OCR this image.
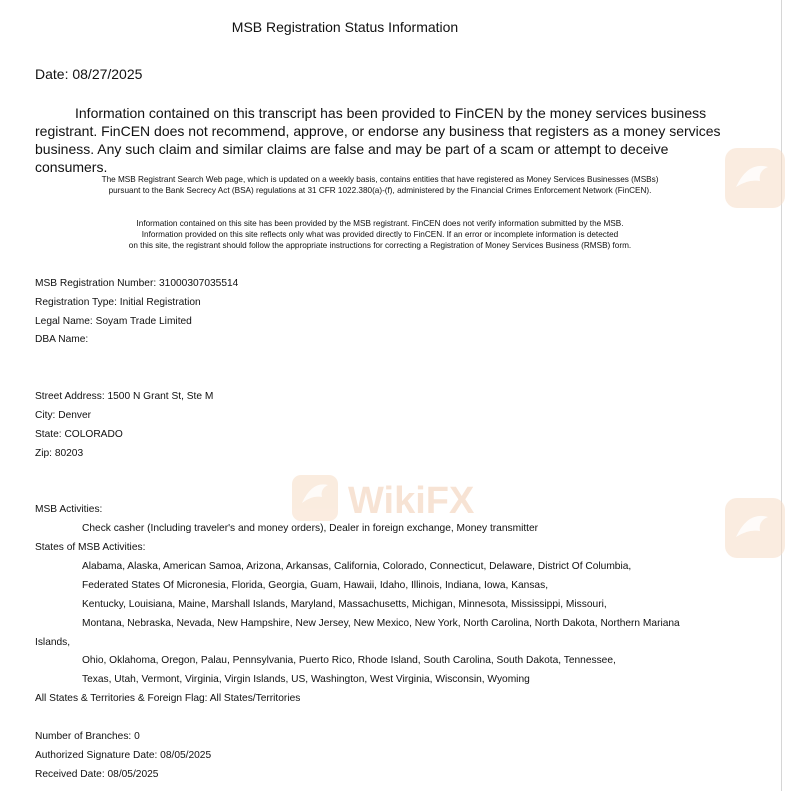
WikiFX
MSB Registration Status Information
Date: 08/27/2025

Information contained on this transcript has been provided to FinCEN by the money services business registrant. FinCEN does not recommend, approve, or endorse any business that registers as a money services business. Any such claim and similar claims are false and may be part of a scam or attempt to deceive consumers.

The MSB Registrant Search Web page, which is updated on a weekly basis, contains entities that have registered as Money Services Businesses (MSBs)
pursuant to the Bank Secrecy Act (BSA) regulations at 31 CFR 1022.380(a)-(f), administered by the Financial Crimes Enforcement Network (FinCEN).
Information contained on this site has been provided by the MSB registrant. FinCEN does not verify information submitted by the MSB.
Information provided on this site reflects only what was provided directly to FinCEN. If an error or incomplete information is detected
on this site, the registrant should follow the appropriate instructions for correcting a Registration of Money Services Business (RMSB) form.
MSB Registration Number: 31000307035514
Registration Type: Initial Registration
Legal Name: Soyam Trade Limited
DBA Name:
Street Address: 1500 N Grant St, Ste M
City: Denver
State: COLORADO
Zip: 80203
MSB Activities:
Check casher (Including traveler's and money orders), Dealer in foreign exchange, Money transmitter
States of MSB Activities:
Alabama, Alaska, American Samoa, Arizona, Arkansas, California, Colorado, Connecticut, Delaware, District Of Columbia,
Federated States Of Micronesia, Florida, Georgia, Guam, Hawaii, Idaho, Illinois, Indiana, Iowa, Kansas,
Kentucky, Louisiana, Maine, Marshall Islands, Maryland, Massachusetts, Michigan, Minnesota, Mississippi, Missouri,
Montana, Nebraska, Nevada, New Hampshire, New Jersey, New Mexico, New York, North Carolina, North Dakota, Northern Mariana
Islands,
Ohio, Oklahoma, Oregon, Palau, Pennsylvania, Puerto Rico, Rhode Island, South Carolina, South Dakota, Tennessee,
Texas, Utah, Vermont, Virginia, Virgin Islands, US, Washington, West Virginia, Wisconsin, Wyoming
All States & Territories & Foreign Flag: All States/Territories
Number of Branches: 0
Authorized Signature Date: 08/05/2025
Received Date: 08/05/2025
